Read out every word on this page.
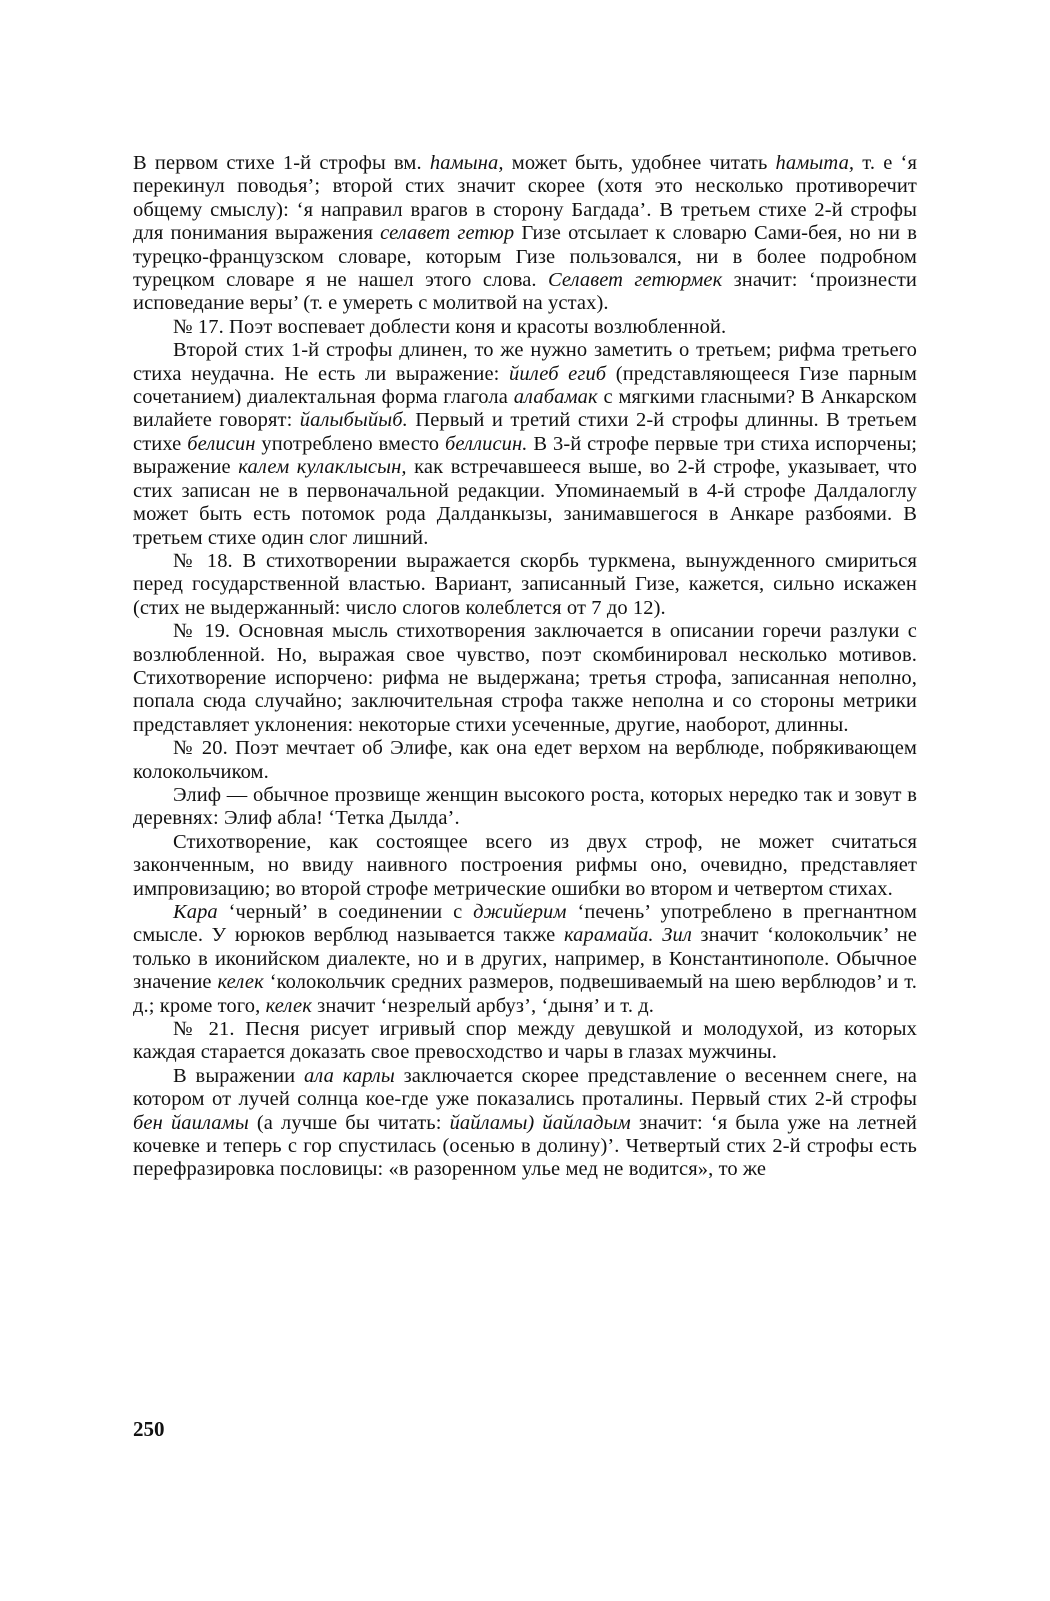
В первом стихе 1-й строфы вм. hамына, может быть, удобнее читать hамыта, т. е ‘я перекинул поводья’; второй стих значит скорее (хотя это несколько противоречит общему смыслу): ‘я направил врагов в сторону Багдада’. В третьем стихе 2-й строфы для понимания выражения селавет гетюр Гизе отсылает к словарю Сами-бея, но ни в турецко-французском словаре, которым Гизе пользовался, ни в более подробном турецком словаре я не нашел этого слова. Селавет гетюрмек значит: ‘произнести исповедание веры’ (т. е умереть с молитвой на устах).

№ 17. Поэт воспевает доблести коня и красоты возлюбленной.

Второй стих 1-й строфы длинен, то же нужно заметить о третьем; рифма третьего стиха неудачна. Не есть ли выражение: йилеб егиб (представляющееся Гизе парным сочетанием) диалектальная форма глагола алабамак с мягкими гласными? В Анкарском вилайете говорят: йалыбыйыб. Первый и третий стихи 2-й строфы длинны. В третьем стихе белисин употреблено вместо беллисин. В 3-й строфе первые три стиха испорчены; выражение калем кулаклысын, как встречавшееся выше, во 2-й строфе, указывает, что стих записан не в первоначальной редакции. Упоминаемый в 4-й строфе Далдалоглу может быть есть потомок рода Далданкызы, занимавшегося в Анкаре разбоями. В третьем стихе один слог лишний.

№ 18. В стихотворении выражается скорбь туркмена, вынужденного смириться перед государственной властью. Вариант, записанный Гизе, кажется, сильно искажен (стих не выдержанный: число слогов колеблется от 7 до 12).

№ 19. Основная мысль стихотворения заключается в описании горечи разлуки с возлюбленной. Но, выражая свое чувство, поэт скомбинировал несколько мотивов. Стихотворение испорчено: рифма не выдержана; третья строфа, записанная неполно, попала сюда случайно; заключительная строфа также неполна и со стороны метрики представляет уклонения: некоторые стихи усеченные, другие, наоборот, длинны.

№ 20. Поэт мечтает об Элифе, как она едет верхом на верблюде, побрякивающем колокольчиком.

Элиф — обычное прозвище женщин высокого роста, которых нередко так и зовут в деревнях: Элиф абла! ‘Тетка Дылда’.

Стихотворение, как состоящее всего из двух строф, не может считаться законченным, но ввиду наивного построения рифмы оно, очевидно, представляет импровизацию; во второй строфе метрические ошибки во втором и четвертом стихах.

Кара ‘черный’ в соединении с джийерим ‘печень’ употреблено в прегнантном смысле. У юрюков верблюд называется также карамайа. Зил значит ‘колокольчик’ не только в иконийском диалекте, но и в других, например, в Константинополе. Обычное значение келек ‘колокольчик средних размеров, подвешиваемый на шею верблюдов’ и т. д.; кроме того, келек значит ‘незрелый арбуз’, ‘дыня’ и т. д.

№ 21. Песня рисует игривый спор между девушкой и молодухой, из которых каждая старается доказать свое превосходство и чары в глазах мужчины.

В выражении ала карлы заключается скорее представление о весеннем снеге, на котором от лучей солнца кое-где уже показались проталины. Первый стих 2-й строфы бен йаиламы (а лучше бы читать: йайламы) йайладым значит: ‘я была уже на летней кочевке и теперь с гор спустилась (осенью в долину)’. Четвертый стих 2-й строфы есть перефразировка пословицы: «в разоренном улье мед не водится», то же

250
